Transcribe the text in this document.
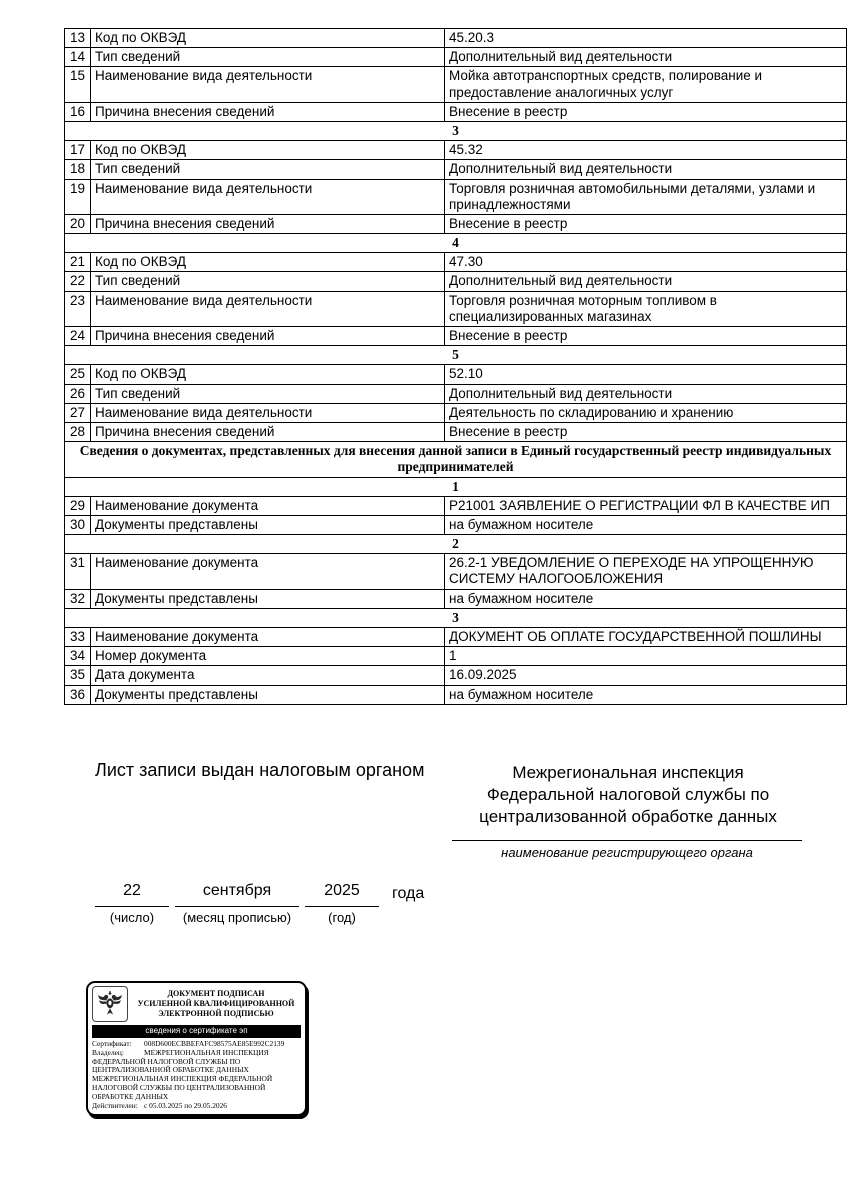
13	Код по ОКВЭД	45.20.3
14	Тип сведений	Дополнительный вид деятельности
15	Наименование вида деятельности	Мойка автотранспортных средств, полирование и предоставление аналогичных услуг
16	Причина внесения сведений	Внесение в реестр
3		
17	Код по ОКВЭД	45.32
18	Тип сведений	Дополнительный вид деятельности
19	Наименование вида деятельности	Торговля розничная автомобильными деталями, узлами и принадлежностями
20	Причина внесения сведений	Внесение в реестр
4		
21	Код по ОКВЭД	47.30
22	Тип сведений	Дополнительный вид деятельности
23	Наименование вида деятельности	Торговля розничная моторным топливом в специализированных магазинах
24	Причина внесения сведений	Внесение в реестр
5		
25	Код по ОКВЭД	52.10
26	Тип сведений	Дополнительный вид деятельности
27	Наименование вида деятельности	Деятельность по складированию и хранению
28	Причина внесения сведений	Внесение в реестр
Сведения о документах, представленных для внесения данной записи в Единый государственный реестр индивидуальных предпринимателей		
1		
29	Наименование документа	Р21001 ЗАЯВЛЕНИЕ О РЕГИСТРАЦИИ ФЛ В КАЧЕСТВЕ ИП
30	Документы представлены	на бумажном носителе
2		
31	Наименование документа	26.2-1 УВЕДОМЛЕНИЕ О ПЕРЕХОДЕ НА УПРОЩЕННУЮ СИСТЕМУ НАЛОГООБЛОЖЕНИЯ
32	Документы представлены	на бумажном носителе
3		
33	Наименование документа	ДОКУМЕНТ ОБ ОПЛАТЕ ГОСУДАРСТВЕННОЙ ПОШЛИНЫ
34	Номер документа	1
35	Дата документа	16.09.2025
36	Документы представлены	на бумажном носителе
Лист записи выдан налоговым органом	Межрегиональная инспекция
Федеральной налоговой службы по
централизованной обработке данных
наименование регистрирующего органа
22
(число)
сентября
(месяц прописью)
2025
(год)
года
ДОКУМЕНТ ПОДПИСАН
УСИЛЕННОЙ КВАЛИФИЦИРОВАННОЙ
ЭЛЕКТРОННОЙ ПОДПИСЬЮ
сведения о сертификате эп
Сертификат: 008D600ECBBEFAFC98575AE85E992C2139
Владелец:	МЕЖРЕГИОНАЛЬНАЯ ИНСПЕКЦИЯ ФЕДЕРАЛЬНОЙ НАЛОГОВОЙ СЛУЖБЫ ПО ЦЕНТРАЛИЗОВАННОЙ ОБРАБОТКЕ ДАННЫХ МЕЖРЕГИОНАЛЬНАЯ ИНСПЕКЦИЯ ФЕДЕРАЛЬНОЙ НАЛОГОВОЙ СЛУЖБЫ ПО ЦЕНТРАЛИЗОВАННОЙ ОБРАБОТКЕ ДАННЫХ
Действителен: с 05.03.2025 по 29.05.2026
